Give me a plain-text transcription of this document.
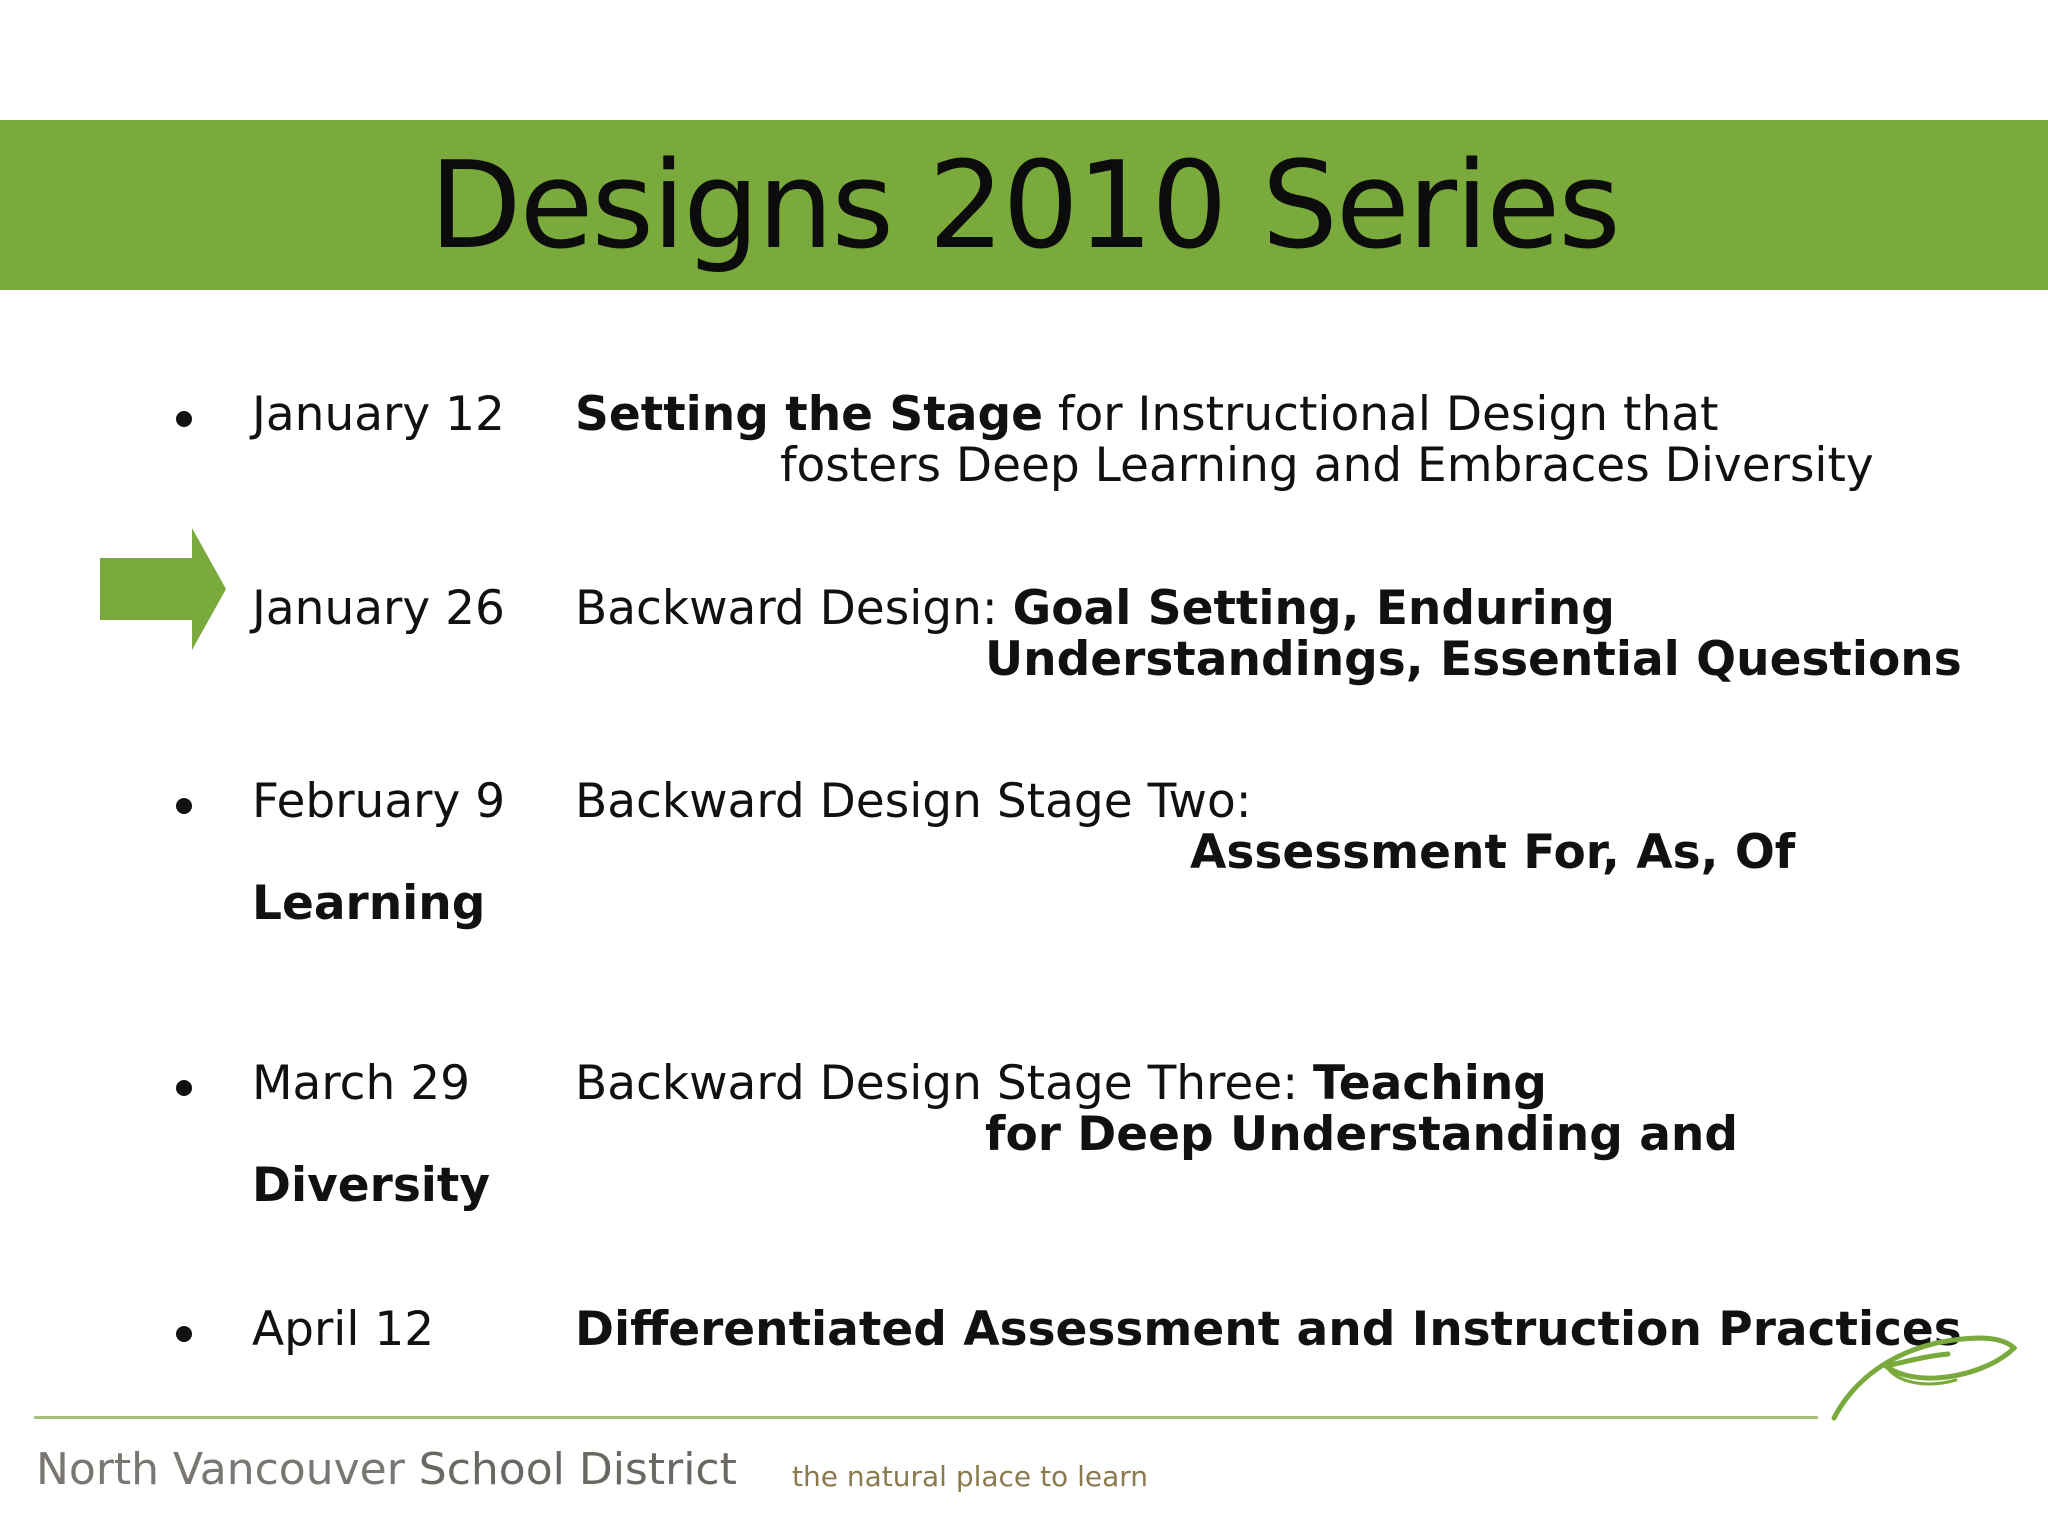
Designs 2010 Series
January 12 Setting the Stage for Instructional Design that
fosters Deep Learning and Embraces Diversity
January 26 Backward Design: Goal Setting, Enduring
Understandings, Essential Questions
February 9 Backward Design Stage Two:
Assessment For, As, Of
Learning
March 29 Backward Design Stage Three: Teaching
for Deep Understanding and
Diversity
April 12	Differentiated Assessment and Instruction Practices
North Vancouver School District the natural place to learn
